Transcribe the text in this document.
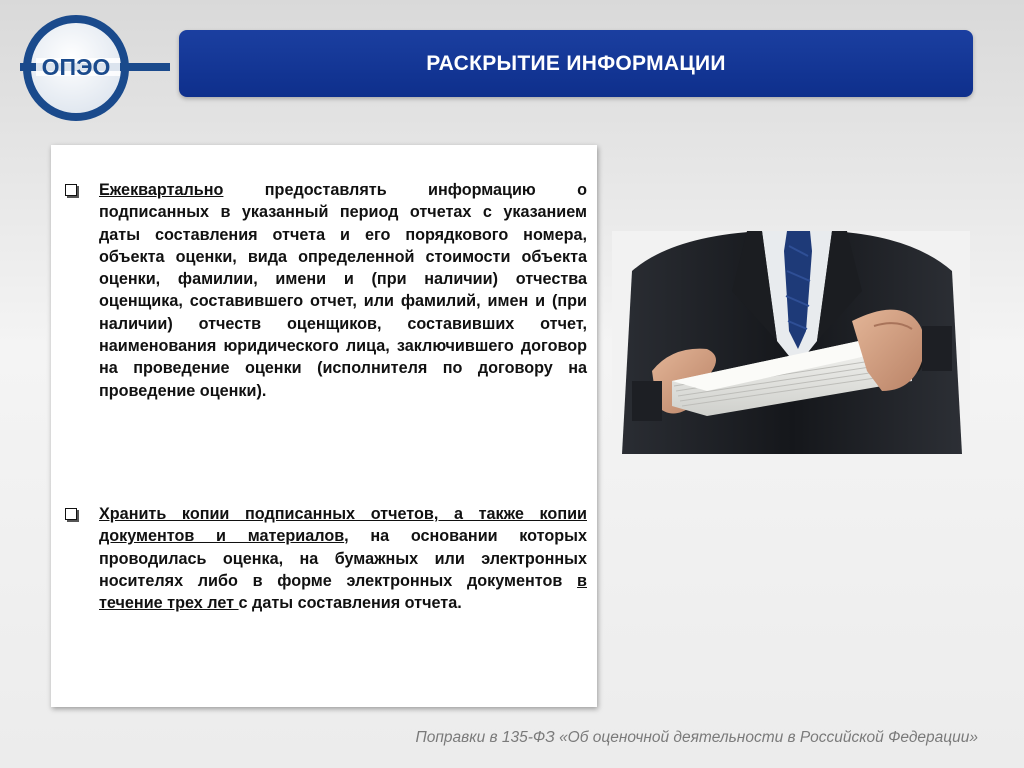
ОПЭО	РАСКРЫТИЕ ИНФОРМАЦИИ
Ежеквартально предоставлять информацию о подписанных в указанный период отчетах с указанием даты составления отчета и его порядкового номера, объекта оценки, вида определенной стоимости объекта оценки, фамилии, имени и (при наличии) отчества оценщика, составившего отчет, или фамилий, имен и (при наличии) отчеств оценщиков, составивших отчет, наименования юридического лица, заключившего договор на проведение оценки (исполнителя по договору на проведение оценки).
Хранить копии подписанных отчетов, а также копии документов и материалов, на основании которых проводилась оценка, на бумажных или электронных носителях либо в форме электронных документов в течение трех лет с даты составления отчета.
Поправки в 135-ФЗ «Об оценочной деятельности в Российской Федерации»
